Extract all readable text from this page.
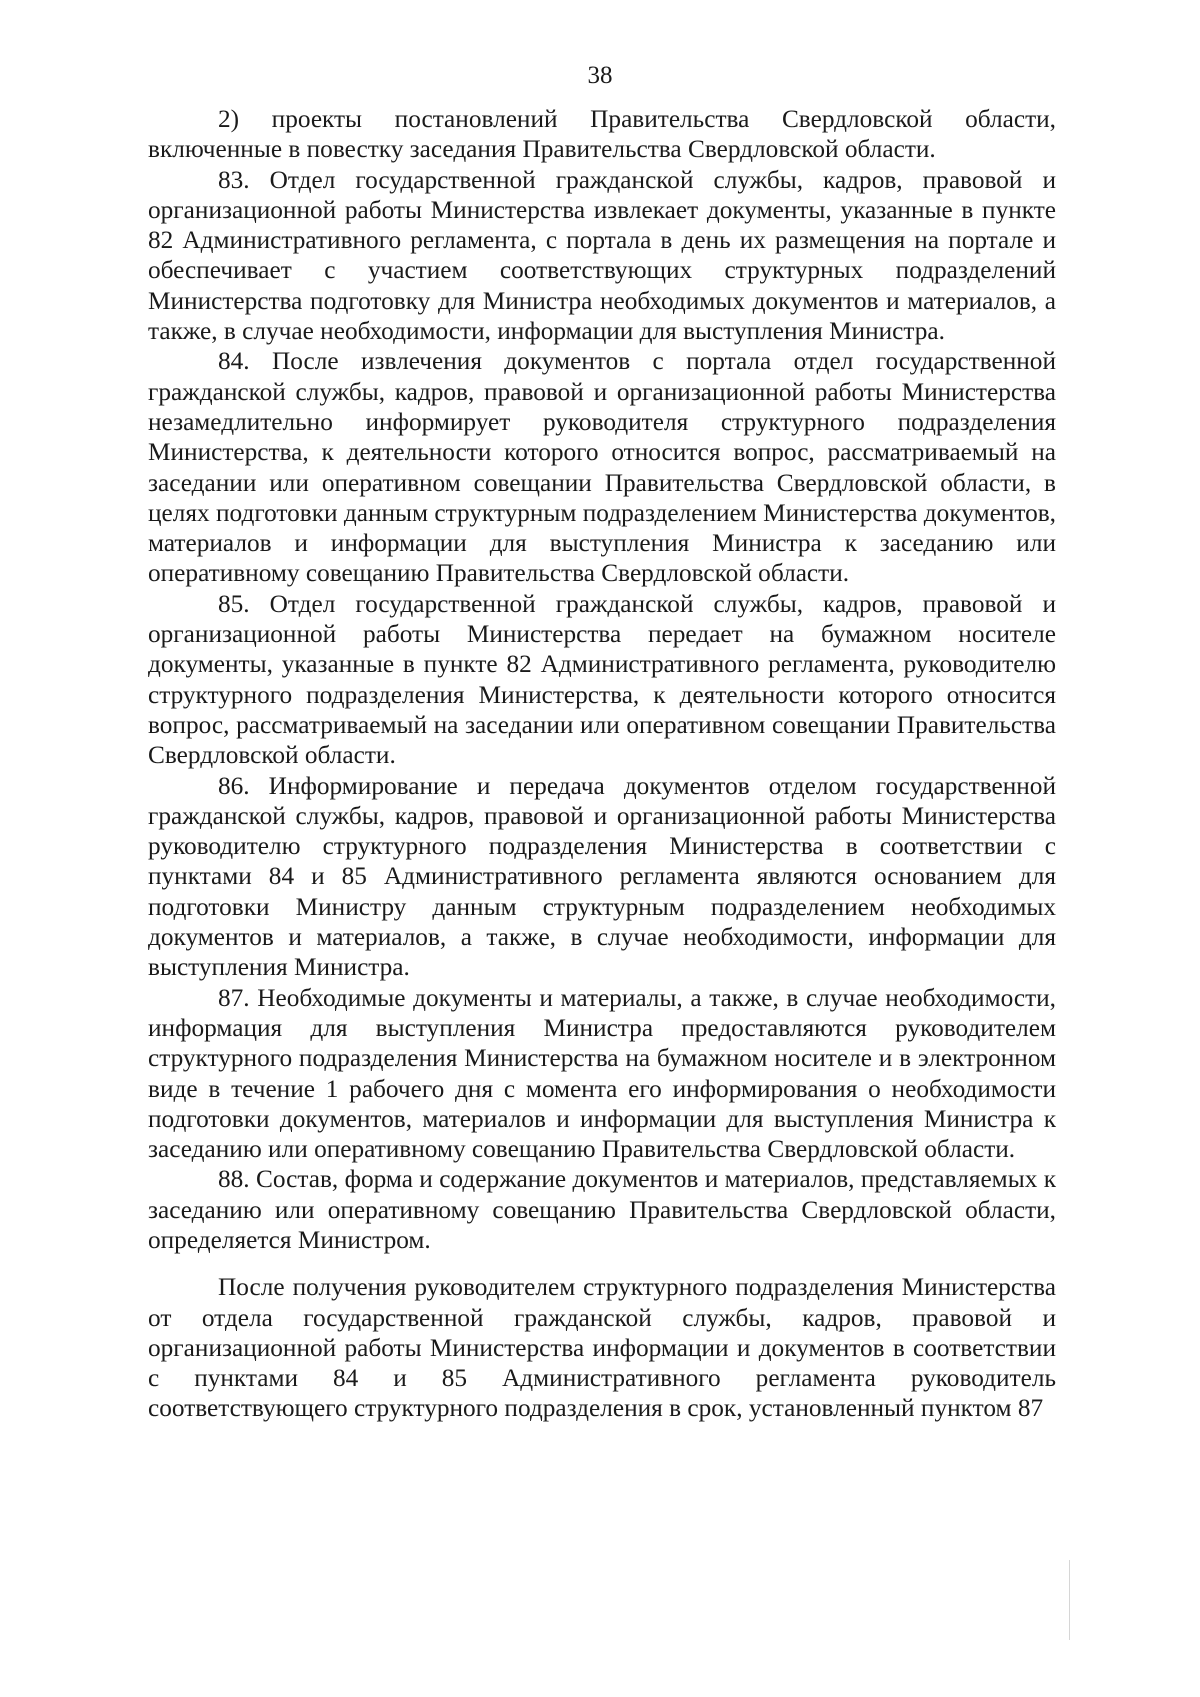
38

2) проекты постановлений Правительства Свердловской области, включенные в повестку заседания Правительства Свердловской области.

83. Отдел государственной гражданской службы, кадров, правовой и организационной работы Министерства извлекает документы, указанные в пункте 82 Административного регламента, с портала в день их размещения на портале и обеспечивает с участием соответствующих структурных подразделений Министерства подготовку для Министра необходимых документов и материалов, а также, в случае необходимости, информации для выступления Министра.

84. После извлечения документов с портала отдел государственной гражданской службы, кадров, правовой и организационной работы Министерства незамедлительно информирует руководителя структурного подразделения Министерства, к деятельности которого относится вопрос, рассматриваемый на заседании или оперативном совещании Правительства Свердловской области, в целях подготовки данным структурным подразделением Министерства документов, материалов и информации для выступления Министра к заседанию или оперативному совещанию Правительства Свердловской области.

85. Отдел государственной гражданской службы, кадров, правовой и организационной работы Министерства передает на бумажном носителе документы, указанные в пункте 82 Административного регламента, руководителю структурного подразделения Министерства, к деятельности которого относится вопрос, рассматриваемый на заседании или оперативном совещании Правительства Свердловской области.

86. Информирование и передача документов отделом государственной гражданской службы, кадров, правовой и организационной работы Министерства руководителю структурного подразделения Министерства в соответствии с пунктами 84 и 85 Административного регламента являются основанием для подготовки Министру данным структурным подразделением необходимых документов и материалов, а также, в случае необходимости, информации для выступления Министра.

87. Необходимые документы и материалы, а также, в случае необходимости, информация для выступления Министра предоставляются руководителем структурного подразделения Министерства на бумажном носителе и в электронном виде в течение 1 рабочего дня с момента его информирования о необходимости подготовки документов, материалов и информации для выступления Министра к заседанию или оперативному совещанию Правительства Свердловской области.

88. Состав, форма и содержание документов и материалов, представляемых к заседанию или оперативному совещанию Правительства Свердловской области, определяется Министром.

После получения руководителем структурного подразделения Министерства от отдела государственной гражданской службы, кадров, правовой и организационной работы Министерства информации и документов в соответствии с пунктами 84 и 85 Административного регламента руководитель соответствующего структурного подразделения в срок, установленный пунктом 87
